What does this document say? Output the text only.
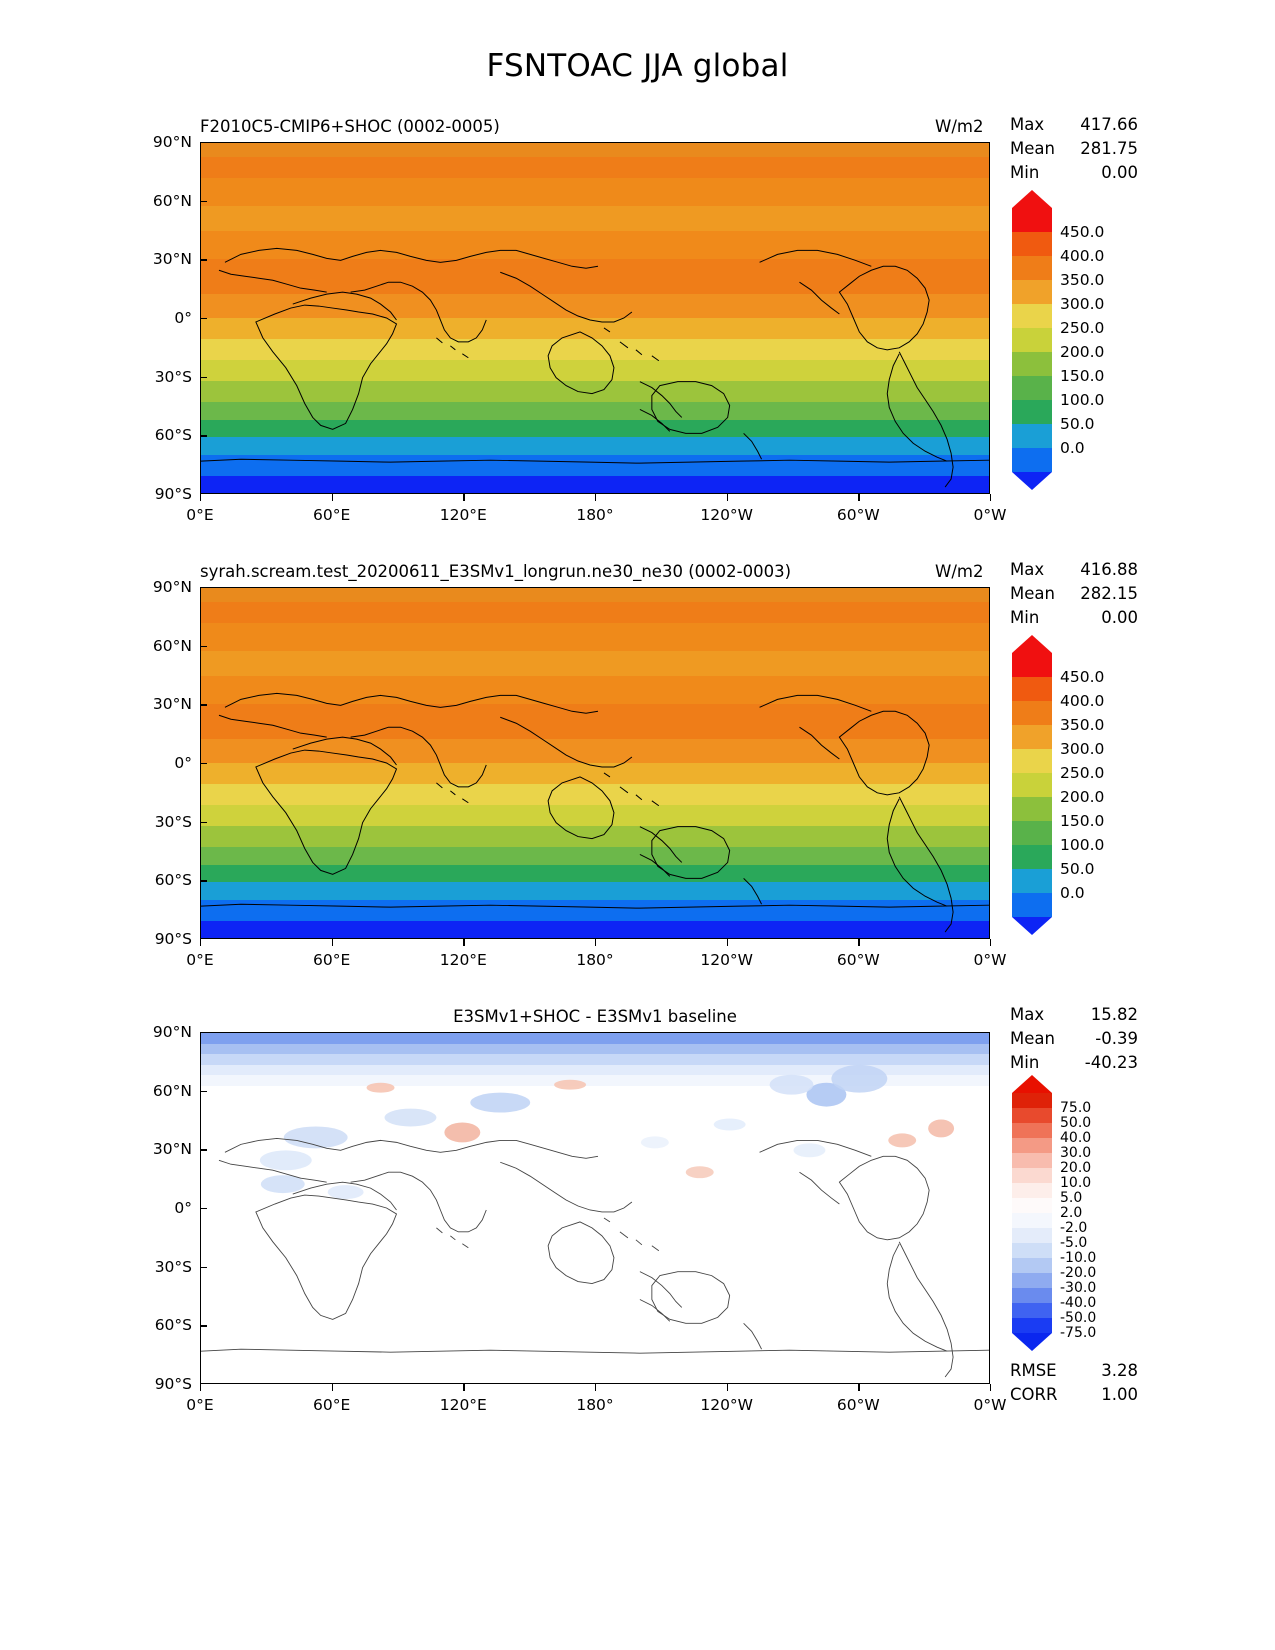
FSNTOAC JJA global
F2010C5-CMIP6+SHOC (0002-0005)	W/m2 Max	417.66
Mean	281.75
Min	0.00
90°N
60°N
30°N
0°
30°S
60°S
90°S
0°E	60°E	120°E	180°	120°W	60°W	0°W
450.0
400.0
350.0
300.0
250.0
200.0
150.0
100.0
50.0
0.0
syrah.scream.test_20200611_E3SMv1_longrun.ne30_ne30 (0002-0003)	W/m2 Max	416.88
Mean	282.15
Min	0.00
90°N
60°N
30°N
0°
30°S
60°S
90°S
0°E	60°E	120°E	180°	120°W	60°W	0°W
450.0
400.0
350.0
300.0
250.0
200.0
150.0
100.0
50.0
0.0
E3SMv1+SHOC - E3SMv1 baseline	Max	15.82
Mean	-0.39
Min	-40.23
90°N
60°N
30°N
0°
30°S
60°S
90°S
0°E	60°E	120°E	180°	120°W	60°W	0°W
75.0
50.0
40.0
30.0
20.0
10.0
5.0
2.0
-2.0
-5.0
-10.0
-20.0
-30.0
-40.0
-50.0
-75.0
RMSE	3.28
CORR	1.00
